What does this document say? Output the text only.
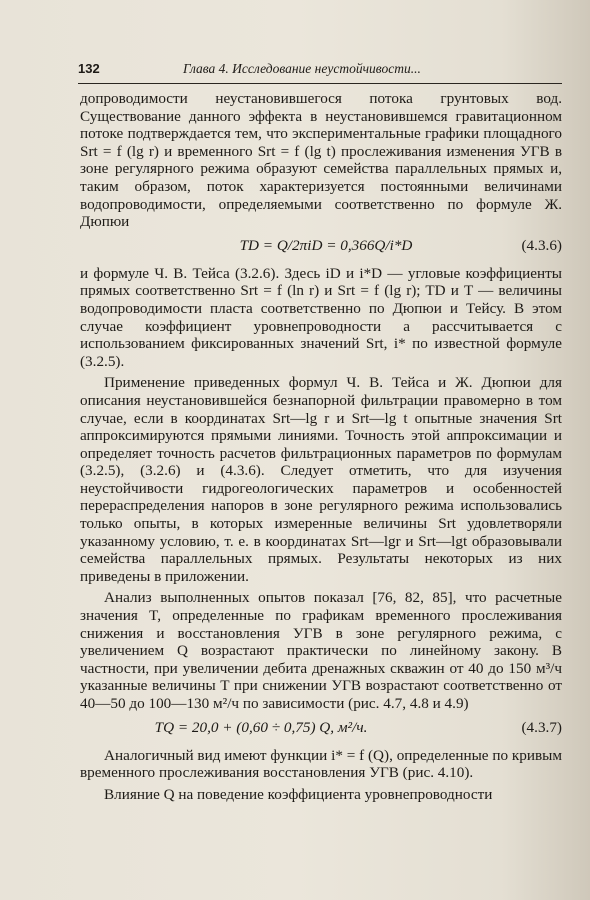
132	Глава 4. Исследование неустойчивости...

допроводимости неустановившегося потока грунтовых вод. Существование данного эффекта в неустановившемся гравитационном потоке подтверждается тем, что экспериментальные графики площадного Srt = f (lg r) и временного Srt = f (lg t) прослеживания изменения УГВ в зоне регулярного режима образуют семейства параллельных прямых и, таким образом, поток характеризуется постоянными величинами водопроводимости, определяемыми соответственно по формуле Ж. Дюпюи

TD = Q/2πiD = 0,366Q/i*D	(4.3.6)

и формуле Ч. В. Тейса (3.2.6). Здесь iD и i*D — угловые коэффициенты прямых соответственно Srt = f (ln r) и Srt = f (lg r); TD и T — величины водопроводимости пласта соответственно по Дюпюи и Тейсу. В этом случае коэффициент уровнепроводности a рассчитывается с использованием фиксированных значений Srt, i* по известной формуле (3.2.5).

Применение приведенных формул Ч. В. Тейса и Ж. Дюпюи для описания неустановившейся безнапорной фильтрации правомерно в том случае, если в координатах Srt—lg r и Srt—lg t опытные значения Srt аппроксимируются прямыми линиями. Точность этой аппроксимации и определяет точность расчетов фильтрационных параметров по формулам (3.2.5), (3.2.6) и (4.3.6). Следует отметить, что для изучения неустойчивости гидрогеологических параметров и особенностей перераспределения напоров в зоне регулярного режима использовались только опыты, в которых измеренные величины Srt удовлетворяли указанному условию, т. е. в координатах Srt—lgr и Srt—lgt образовывали семейства параллельных прямых. Результаты некоторых из них приведены в приложении.

Анализ выполненных опытов показал [76, 82, 85], что расчетные значения T, определенные по графикам временного прослеживания снижения и восстановления УГВ в зоне регулярного режима, с увеличением Q возрастают практически по линейному закону. В частности, при увеличении дебита дренажных скважин от 40 до 150 м³/ч указанные величины T при снижении УГВ возрастают соответственно от 40—50 до 100—130 м²/ч по зависимости (рис. 4.7, 4.8 и 4.9)

TQ = 20,0 + (0,60 ÷ 0,75) Q, м²/ч.	(4.3.7)

Аналогичный вид имеют функции i* = f (Q), определенные по кривым временного прослеживания восстановления УГВ (рис. 4.10).

Влияние Q на поведение коэффициента уровнепроводности
